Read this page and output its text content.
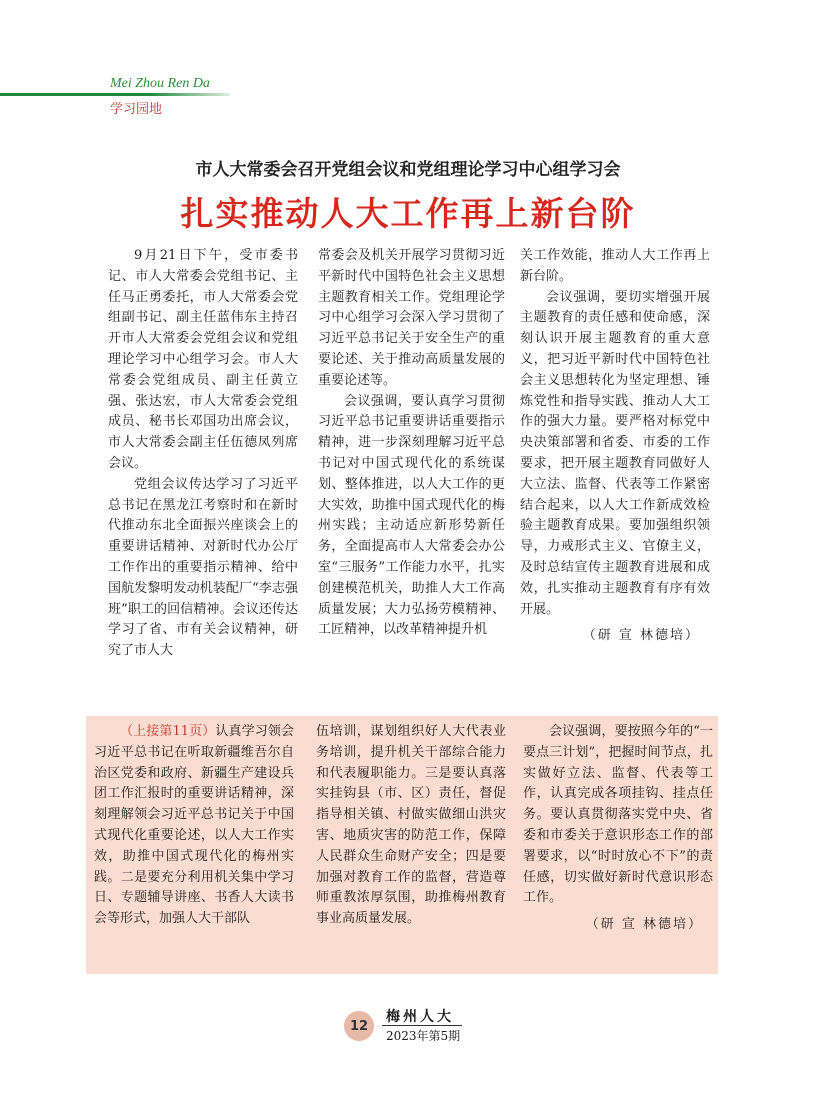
Mei Zhou Ren Da

学习园地

市人大常委会召开党组会议和党组理论学习中心组学习会
扎实推动人大工作再上新台阶

9月21日下午，受市委书记、市人大常委会党组书记、主任马正勇委托，市人大常委会党组副书记、副主任蓝伟东主持召开市人大常委会党组会议和党组理论学习中心组学习会。市人大常委会党组成员、副主任黄立强、张达宏，市人大常委会党组成员、秘书长邓国功出席会议，市人大常委会副主任伍德凤列席会议。

党组会议传达学习了习近平总书记在黑龙江考察时和在新时代推动东北全面振兴座谈会上的重要讲话精神、对新时代办公厅工作作出的重要指示精神、给中国航发黎明发动机装配厂“李志强班”职工的回信精神。会议还传达学习了省、市有关会议精神，研究了市人大

常委会及机关开展学习贯彻习近平新时代中国特色社会主义思想主题教育相关工作。党组理论学习中心组学习会深入学习贯彻了习近平总书记关于安全生产的重要论述、关于推动高质量发展的重要论述等。

会议强调，要认真学习贯彻习近平总书记重要讲话重要指示精神，进一步深刻理解习近平总书记对中国式现代化的系统谋划、整体推进，以人大工作的更大实效，助推中国式现代化的梅州实践；主动适应新形势新任务，全面提高市人大常委会办公室“三服务”工作能力水平，扎实创建模范机关，助推人大工作高质量发展；大力弘扬劳模精神、工匠精神，以改革精神提升机

关工作效能，推动人大工作再上新台阶。

会议强调，要切实增强开展主题教育的责任感和使命感，深刻认识开展主题教育的重大意义，把习近平新时代中国特色社会主义思想转化为坚定理想、锤炼党性和指导实践、推动人大工作的强大力量。要严格对标党中央决策部署和省委、市委的工作要求，把开展主题教育同做好人大立法、监督、代表等工作紧密结合起来，以人大工作新成效检验主题教育成果。要加强组织领导，力戒形式主义、官僚主义，及时总结宣传主题教育进展和成效，扎实推动主题教育有序有效开展。

（研 宣 林德培）

（上接第11页）认真学习领会习近平总书记在听取新疆维吾尔自治区党委和政府、新疆生产建设兵团工作汇报时的重要讲话精神，深刻理解领会习近平总书记关于中国式现代化重要论述，以人大工作实效，助推中国式现代化的梅州实践。二是要充分利用机关集中学习日、专题辅导讲座、书香人大读书会等形式，加强人大干部队

伍培训，谋划组织好人大代表业务培训，提升机关干部综合能力和代表履职能力。三是要认真落实挂钩县（市、区）责任，督促指导相关镇、村做实做细山洪灾害、地质灾害的防范工作，保障人民群众生命财产安全；四是要加强对教育工作的监督，营造尊师重教浓厚氛围，助推梅州教育事业高质量发展。

会议强调，要按照今年的“一要点三计划”，把握时间节点，扎实做好立法、监督、代表等工作，认真完成各项挂钩、挂点任务。要认真贯彻落实党中央、省委和市委关于意识形态工作的部署要求，以“时时放心不下”的责任感，切实做好新时代意识形态工作。

（研 宣 林德培）
12

梅州人大

2023年第5期
